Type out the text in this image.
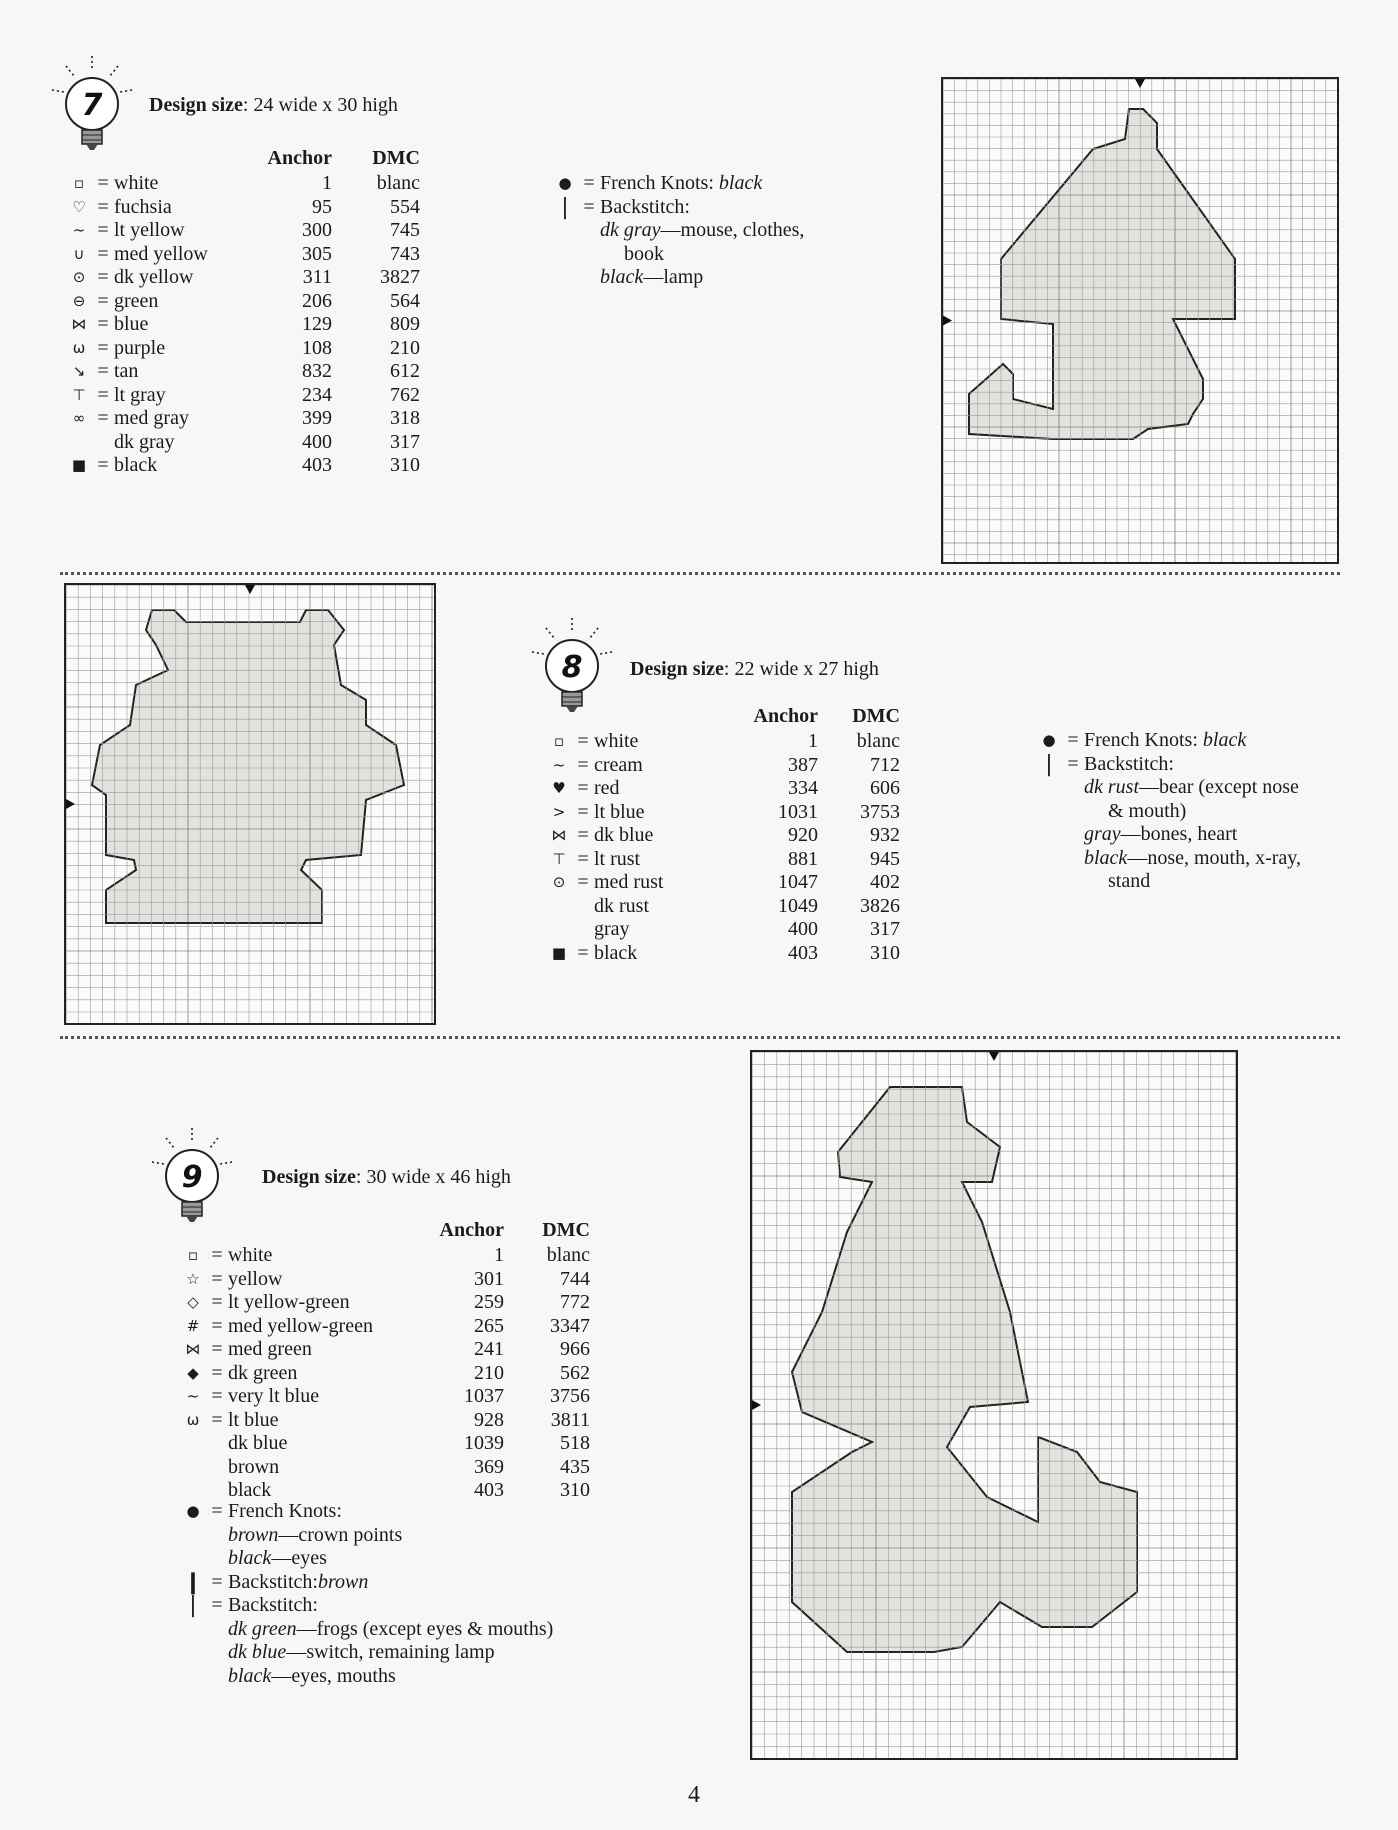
7 Design size: 24 wide x 30 high
			Anchor	DMC
▫	=	white	1	blanc
♡	=	fuchsia	95	554
~	=	lt yellow	300	745
∪	=	med yellow	305	743
⊙	=	dk yellow	311	3827
⊖	=	green	206	564
⋈	=	blue	129	809
ω	=	purple	108	210
↘	=	tan	832	612
⊤	=	lt gray	234	762
∞	=	med gray	399	318
		dk gray	400	317
■	=	black	403	310
● = French Knots:
black
| = Backstitch:
dk gray—mouse, clothes,
book
black—lamp
8 Design size: 22 wide x 27 high
			Anchor	DMC
▫	=	white	1	blanc
~	=	cream	387	712
♥	=	red	334	606
>	=	lt blue	1031	3753
⋈	=	dk blue	920	932
⊤	=	lt rust	881	945
⊙	=	med rust	1047	402
		dk rust	1049	3826
		gray	400	317
■	=	black	403	310
● = French Knots:
black
| = Backstitch:
dk rust—bear (except nose
& mouth)
gray—bones, heart
black—nose, mouth, x-ray,
stand
9	Design size: 30 wide x 46 high
			Anchor	DMC
▫	=	white	1	blanc
☆	=	yellow	301	744
◇	=	lt yellow-green	259	772
#	=	med yellow-green	265	3347
⋈	=	med green	241	966
◆	=	dk green	210	562
~	=	very lt blue	1037	3756
ω	=	lt blue	928	3811
		dk blue	1039	518
		brown	369	435
		black	403	310
● = French Knots:
brown—crown points
black—eyes
❙ = Backstitch: brown
| = Backstitch:
dk green—frogs (except eyes & mouths)
dk blue—switch, remaining lamp
black—eyes, mouths
4
